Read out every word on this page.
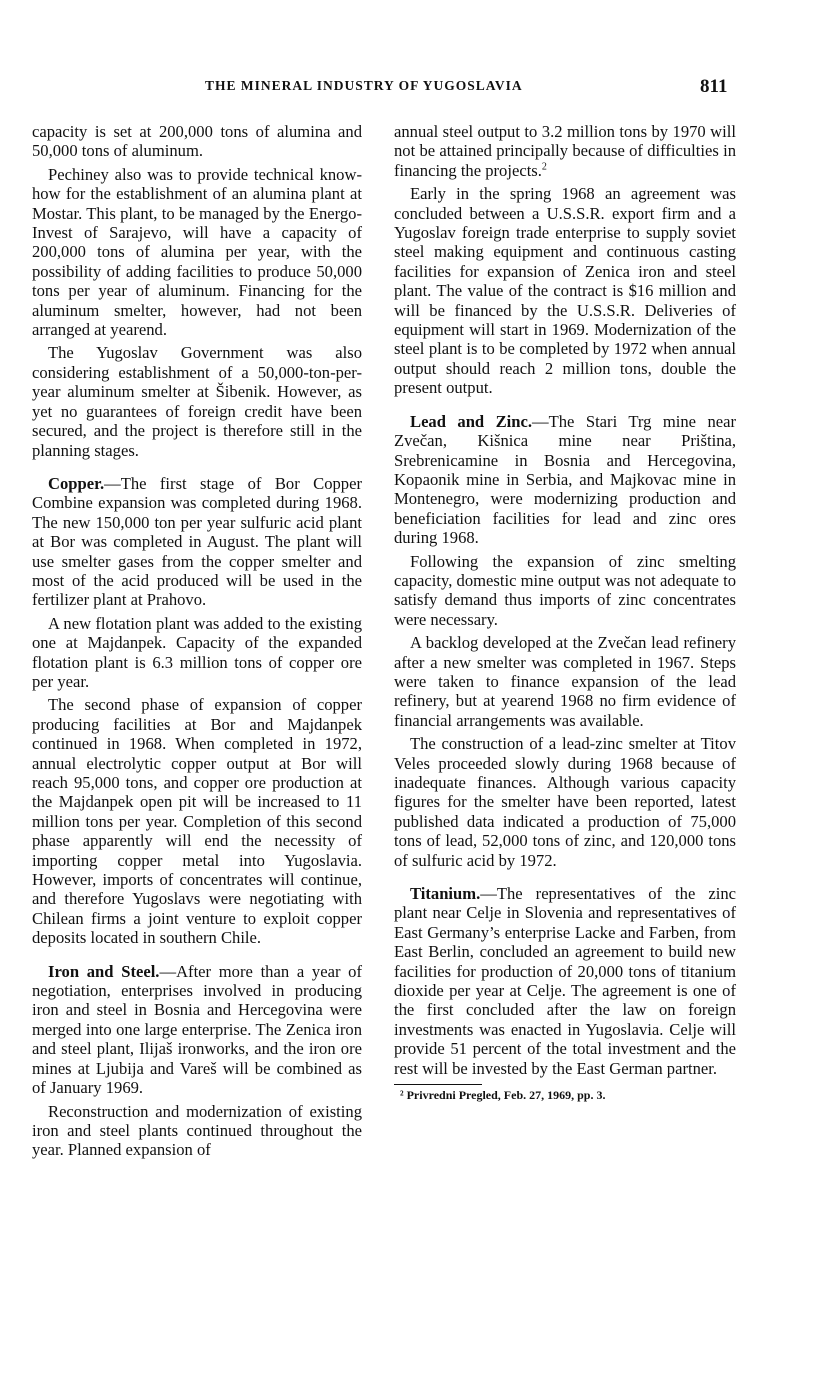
THE MINERAL INDUSTRY OF YUGOSLAVIA	811

capacity is set at 200,000 tons of alumina and 50,000 tons of aluminum.

Pechiney also was to provide technical know-how for the establishment of an alumina plant at Mostar. This plant, to be managed by the Energo-Invest of Sarajevo, will have a capacity of 200,000 tons of alumina per year, with the possibility of adding facilities to produce 50,000 tons per year of aluminum. Financing for the aluminum smelter, however, had not been arranged at yearend.

The Yugoslav Government was also considering establishment of a 50,000-ton-per-year aluminum smelter at Šibenik. However, as yet no guarantees of foreign credit have been secured, and the project is therefore still in the planning stages.

Copper.—The first stage of Bor Copper Combine expansion was completed during 1968. The new 150,000 ton per year sulfuric acid plant at Bor was completed in August. The plant will use smelter gases from the copper smelter and most of the acid produced will be used in the fertilizer plant at Prahovo.

A new flotation plant was added to the existing one at Majdanpek. Capacity of the expanded flotation plant is 6.3 million tons of copper ore per year.

The second phase of expansion of copper producing facilities at Bor and Majdanpek continued in 1968. When completed in 1972, annual electrolytic copper output at Bor will reach 95,000 tons, and copper ore production at the Majdanpek open pit will be increased to 11 million tons per year. Completion of this second phase apparently will end the necessity of importing copper metal into Yugoslavia. However, imports of concentrates will continue, and therefore Yugoslavs were negotiating with Chilean firms a joint venture to exploit copper deposits located in southern Chile.

Iron and Steel.—After more than a year of negotiation, enterprises involved in producing iron and steel in Bosnia and Hercegovina were merged into one large enterprise. The Zenica iron and steel plant, Ilijaš ironworks, and the iron ore mines at Ljubija and Vareš will be combined as of January 1969.

Reconstruction and modernization of existing iron and steel plants continued throughout the year. Planned expansion of

annual steel output to 3.2 million tons by 1970 will not be attained principally because of difficulties in financing the projects.$^2$

Early in the spring 1968 an agreement was concluded between a U.S.S.R. export firm and a Yugoslav foreign trade enterprise to supply soviet steel making equipment and continuous casting facilities for expansion of Zenica iron and steel plant. The value of the contract is $16 million and will be financed by the U.S.S.R. Deliveries of equipment will start in 1969. Modernization of the steel plant is to be completed by 1972 when annual output should reach 2 million tons, double the present output.

Lead and Zinc.—The Stari Trg mine near Zvečan, Kišnica mine near Priština, Srebrenicamine in Bosnia and Hercegovina, Kopaonik mine in Serbia, and Majkovac mine in Montenegro, were modernizing production and beneficiation facilities for lead and zinc ores during 1968.

Following the expansion of zinc smelting capacity, domestic mine output was not adequate to satisfy demand thus imports of zinc concentrates were necessary.

A backlog developed at the Zvečan lead refinery after a new smelter was completed in 1967. Steps were taken to finance expansion of the lead refinery, but at yearend 1968 no firm evidence of financial arrangements was available.

The construction of a lead-zinc smelter at Titov Veles proceeded slowly during 1968 because of inadequate finances. Although various capacity figures for the smelter have been reported, latest published data indicated a production of 75,000 tons of lead, 52,000 tons of zinc, and 120,000 tons of sulfuric acid by 1972.

Titanium.—The representatives of the zinc plant near Celje in Slovenia and representatives of East Germany’s enterprise Lacke and Farben, from East Berlin, concluded an agreement to build new facilities for production of 20,000 tons of titanium dioxide per year at Celje. The agreement is one of the first concluded after the law on foreign investments was enacted in Yugoslavia. Celje will provide 51 percent of the total investment and the rest will be invested by the East German partner.

² Privredni Pregled, Feb. 27, 1969, pp. 3.
